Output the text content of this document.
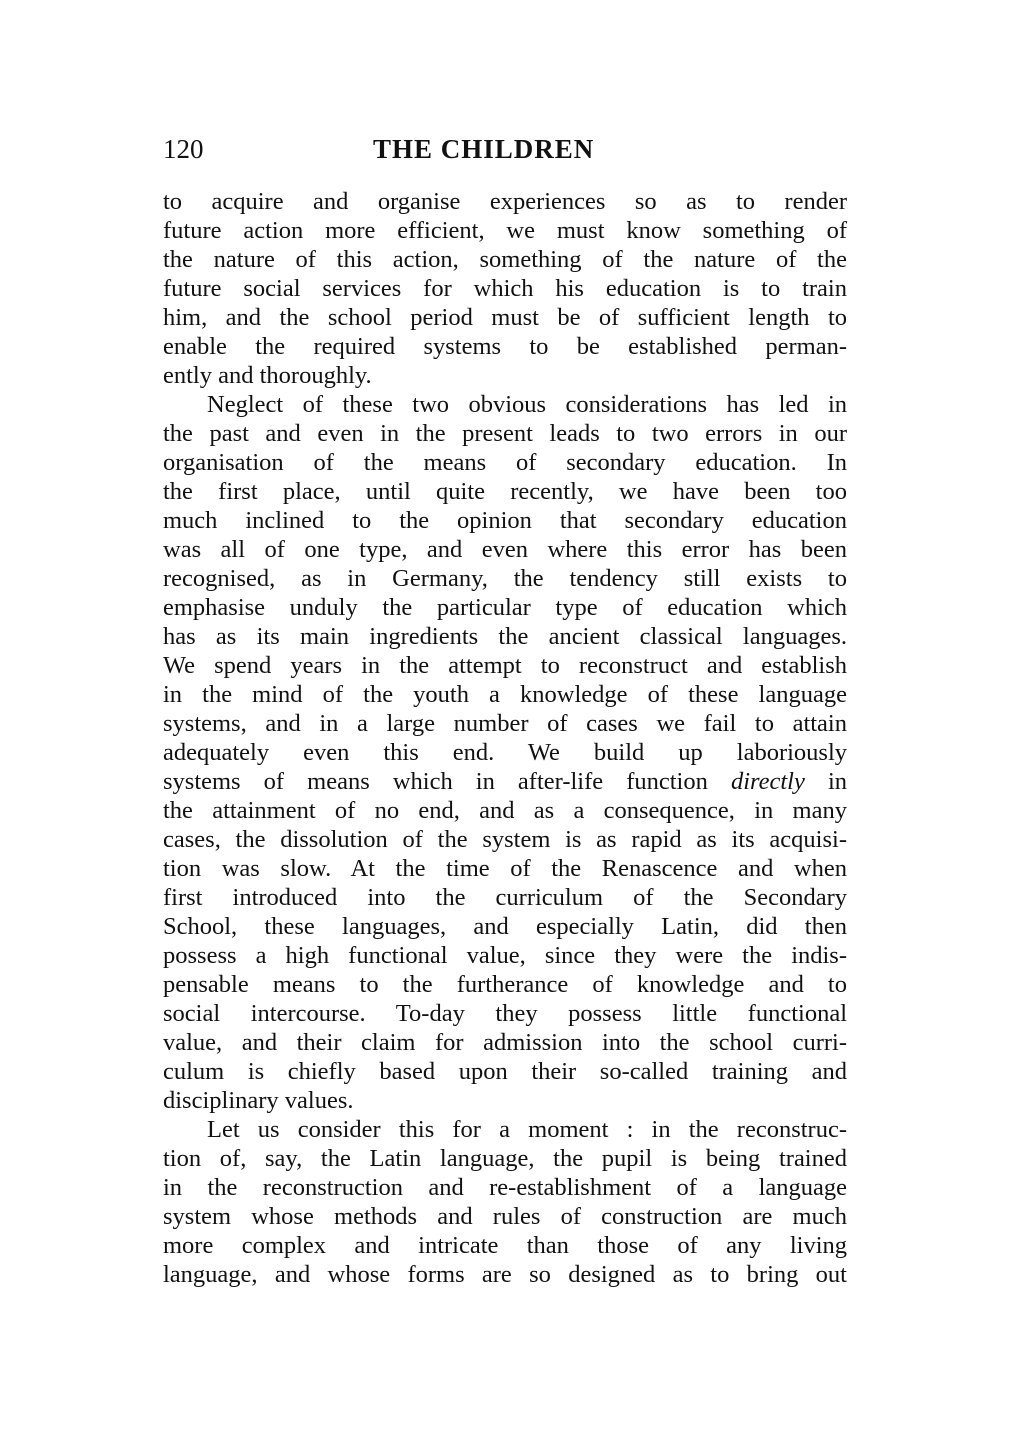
120	THE CHILDREN
to acquire and organise experiences so as to render
future action more efficient, we must know something of
the nature of this action, something of the nature of the
future social services for which his education is to train
him, and the school period must be of sufficient length to
enable the required systems to be established perman-
ently and thoroughly.
Neglect of these two obvious considerations has led in
the past and even in the present leads to two errors in our
organisation of the means of secondary education. In
the first place, until quite recently, we have been too
much inclined to the opinion that secondary education
was all of one type, and even where this error has been
recognised, as in Germany, the tendency still exists to
emphasise unduly the particular type of education which
has as its main ingredients the ancient classical languages.
We spend years in the attempt to reconstruct and establish
in the mind of the youth a knowledge of these language
systems, and in a large number of cases we fail to attain
adequately even this end. We build up laboriously
systems of means which in after-life function directly in
the attainment of no end, and as a consequence, in many
cases, the dissolution of the system is as rapid as its acquisi-
tion was slow. At the time of the Renascence and when
first introduced into the curriculum of the Secondary
School, these languages, and especially Latin, did then
possess a high functional value, since they were the indis-
pensable means to the furtherance of knowledge and to
social intercourse. To-day they possess little functional
value, and their claim for admission into the school curri-
culum is chiefly based upon their so-called training and
disciplinary values.
Let us consider this for a moment : in the reconstruc-
tion of, say, the Latin language, the pupil is being trained
in the reconstruction and re-establishment of a language
system whose methods and rules of construction are much
more complex and intricate than those of any living
language, and whose forms are so designed as to bring out
